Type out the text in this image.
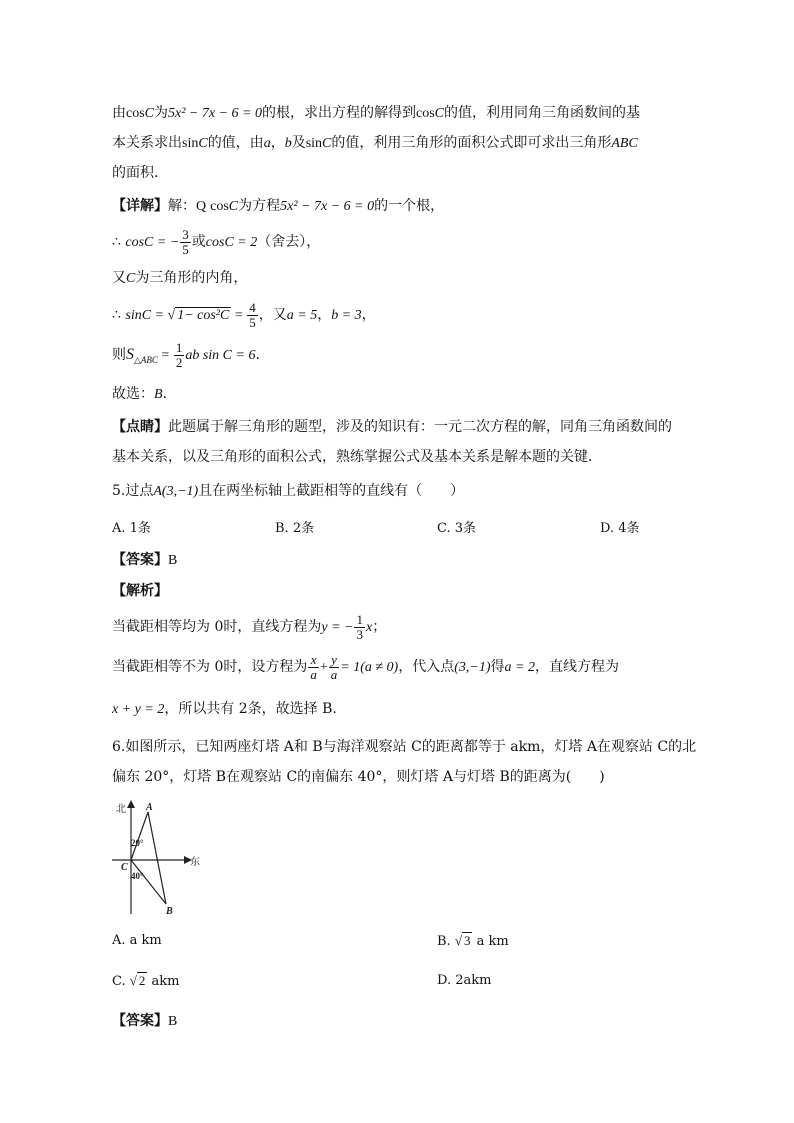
由cosC为5x² − 7x − 6 = 0的根，求出方程的解得到cosC的值，利用同角三角函数间的基
本关系求出sinC的值，由a，b及sinC的值，利用三角形的面积公式即可求出三角形ABC
的面积．
【详解】解：Q cosC为方程5x² − 7x − 6 = 0的一个根，
∴ cosC = − $\frac{3}{5}$ 或cosC = 2（舍去），
又C为三角形的内角，
∴ sinC = √ $1- \cos^2C = \frac{4}{5}$ ，又a = 5，b = 3，
则$S_{\triangle ABC} = \frac{1}{2}$ ab sin C = 6．
故选：B．
【点睛】此题属于解三角形的题型，涉及的知识有：一元二次方程的解，同角三角函数间的
基本关系，以及三角形的面积公式，熟练掌握公式及基本关系是解本题的关键．
5.过点A(3,−1)且在两坐标轴上截距相等的直线有（　　）
A. 1条	B. 2条	C. 3条	D. 4条
【答案】B
【解析】
当截距相等均为 0时，直线方程为y = − $\frac{1}{3}$ x；
当截距相等不为 0时，设方程为 $\frac{x}{a} + \frac{y}{a} = 1(a \ne 0)$，代入点(3,−1)得a = 2，直线方程为
x + y = 2，所以共有 2条，故选择 B.
6.如图所示，已知两座灯塔 A和 B与海洋观察站 C的距离都等于 akm，灯塔 A在观察站 C的北
偏东 20°，灯塔 B在观察站 C的南偏东 40°，则灯塔 A与灯塔 B的距离为(　　)
北
东
A
B
C
20°
40°
A. a km	B. √ 3 a km
C. √ 2 akm	D. 2akm
【答案】B
